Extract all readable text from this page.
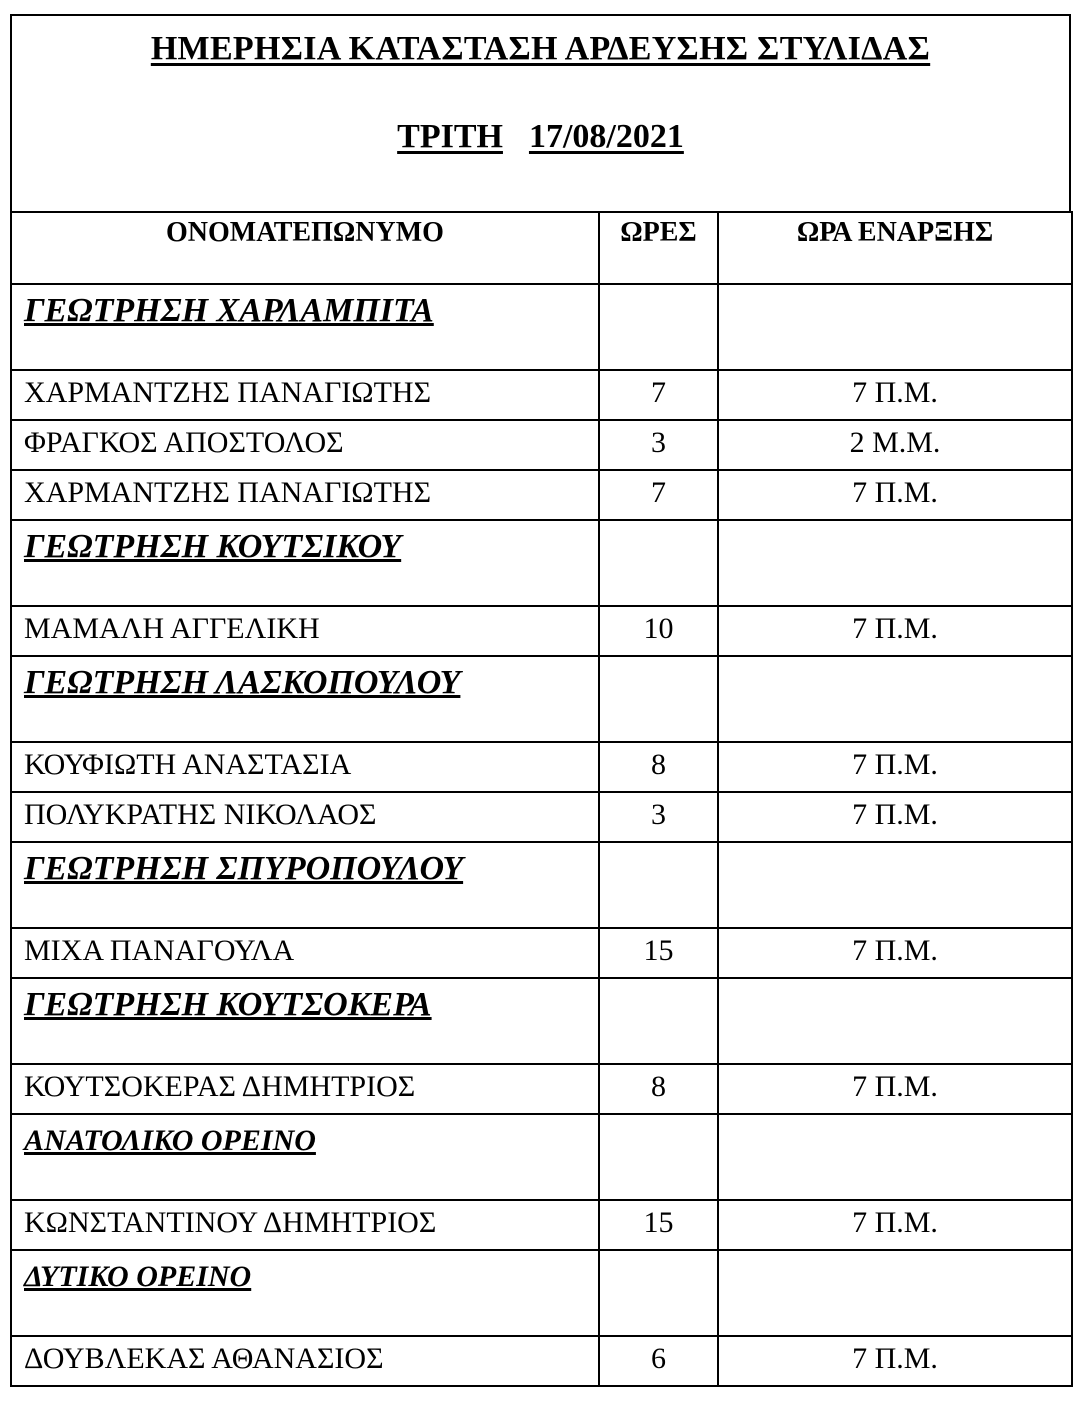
ΗΜΕΡΗΣΙΑ ΚΑΤΑΣΤΑΣΗ ΑΡΔΕΥΣΗΣ ΣΤΥΛΙΔΑΣ
ΤΡΙΤΗ 17/08/2021
ΟΝΟΜΑΤΕΠΩΝΥΜΟ	ΩΡΕΣ	ΩΡΑ ΕΝΑΡΞΗΣ
ΓΕΩΤΡΗΣΗ ΧΑΡΛΑΜΠΙΤΑ		
ΧΑΡΜΑΝΤΖΗΣ ΠΑΝΑΓΙΩΤΗΣ	7	7 Π.Μ.
ΦΡΑΓΚΟΣ ΑΠΟΣΤΟΛΟΣ	3	2 Μ.Μ.
ΧΑΡΜΑΝΤΖΗΣ ΠΑΝΑΓΙΩΤΗΣ	7	7 Π.Μ.
ΓΕΩΤΡΗΣΗ ΚΟΥΤΣΙΚΟΥ		
ΜΑΜΑΛΗ ΑΓΓΕΛΙΚΗ	10	7 Π.Μ.
ΓΕΩΤΡΗΣΗ ΛΑΣΚΟΠΟΥΛΟΥ		
ΚΟΥΦΙΩΤΗ ΑΝΑΣΤΑΣΙΑ	8	7 Π.Μ.
ΠΟΛΥΚΡΑΤΗΣ ΝΙΚΟΛΑΟΣ	3	7 Π.Μ.
ΓΕΩΤΡΗΣΗ ΣΠΥΡΟΠΟΥΛΟΥ		
ΜΙΧΑ ΠΑΝΑΓΟΥΛΑ	15	7 Π.Μ.
ΓΕΩΤΡΗΣΗ ΚΟΥΤΣΟΚΕΡΑ		
ΚΟΥΤΣΟΚΕΡΑΣ ΔΗΜΗΤΡΙΟΣ	8	7 Π.Μ.
ΑΝΑΤΟΛΙΚΟ ΟΡΕΙΝΟ		
ΚΩΝΣΤΑΝΤΙΝΟΥ ΔΗΜΗΤΡΙΟΣ	15	7 Π.Μ.
ΔΥΤΙΚΟ ΟΡΕΙΝΟ		
ΔΟΥΒΛΕΚΑΣ ΑΘΑΝΑΣΙΟΣ	6	7 Π.Μ.
